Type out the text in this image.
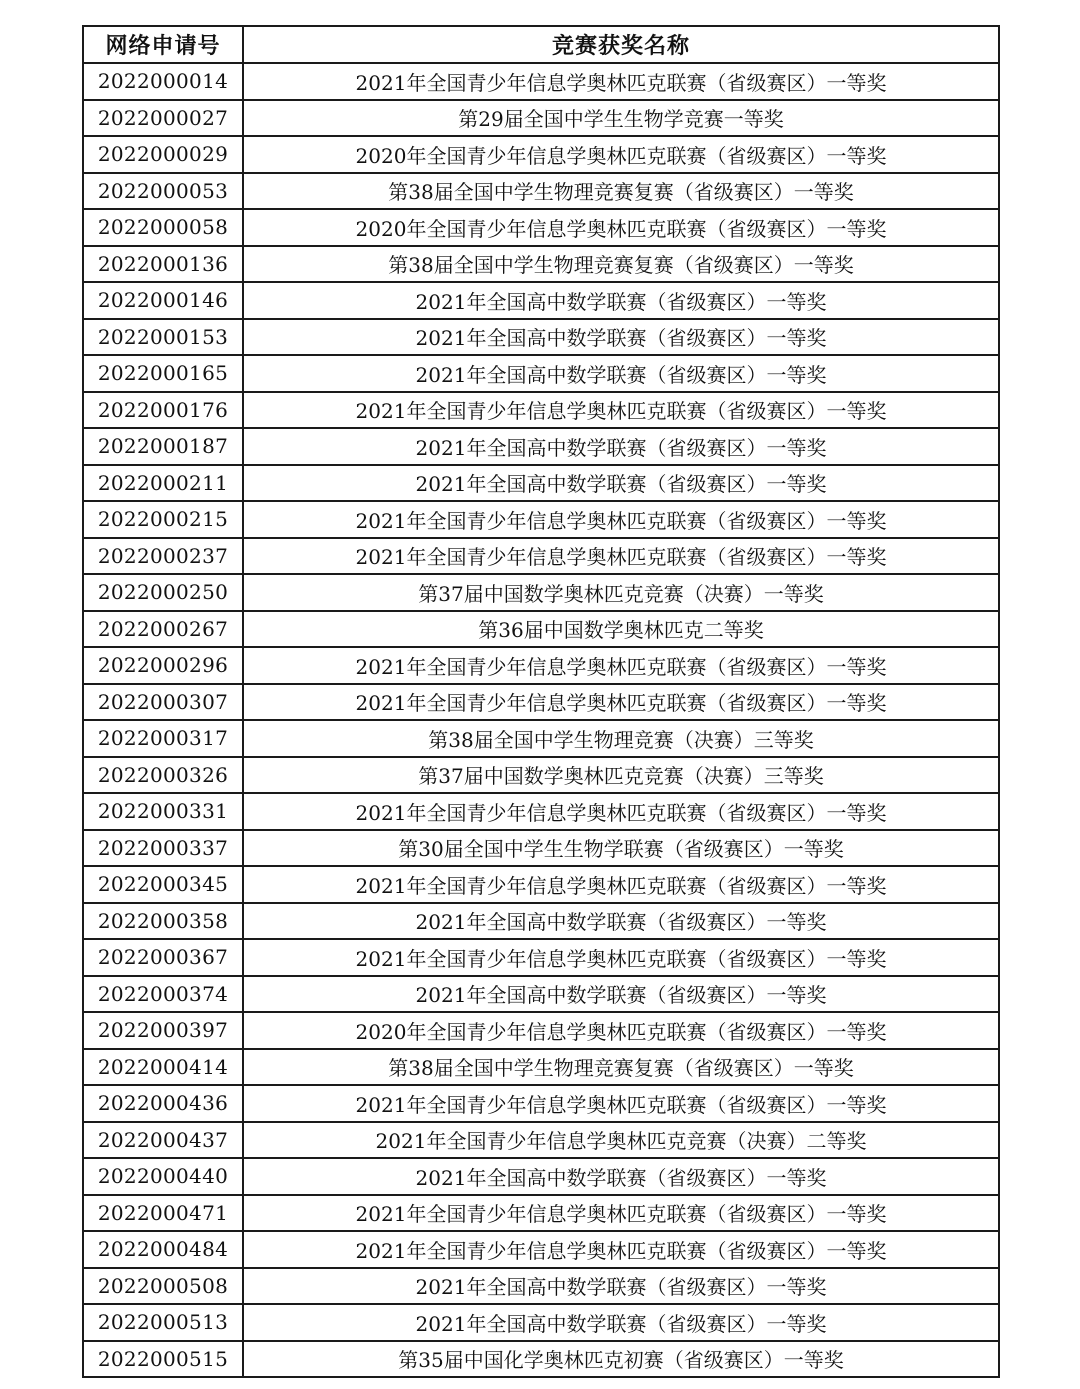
网络申请号	竞赛获奖名称
2022000014	2021年全国青少年信息学奥林匹克联赛（省级赛区）一等奖
2022000027	第29届全国中学生生物学竞赛一等奖
2022000029	2020年全国青少年信息学奥林匹克联赛（省级赛区）一等奖
2022000053	第38届全国中学生物理竞赛复赛（省级赛区）一等奖
2022000058	2020年全国青少年信息学奥林匹克联赛（省级赛区）一等奖
2022000136	第38届全国中学生物理竞赛复赛（省级赛区）一等奖
2022000146	2021年全国高中数学联赛（省级赛区）一等奖
2022000153	2021年全国高中数学联赛（省级赛区）一等奖
2022000165	2021年全国高中数学联赛（省级赛区）一等奖
2022000176	2021年全国青少年信息学奥林匹克联赛（省级赛区）一等奖
2022000187	2021年全国高中数学联赛（省级赛区）一等奖
2022000211	2021年全国高中数学联赛（省级赛区）一等奖
2022000215	2021年全国青少年信息学奥林匹克联赛（省级赛区）一等奖
2022000237	2021年全国青少年信息学奥林匹克联赛（省级赛区）一等奖
2022000250	第37届中国数学奥林匹克竞赛（决赛）一等奖
2022000267	第36届中国数学奥林匹克二等奖
2022000296	2021年全国青少年信息学奥林匹克联赛（省级赛区）一等奖
2022000307	2021年全国青少年信息学奥林匹克联赛（省级赛区）一等奖
2022000317	第38届全国中学生物理竞赛（决赛）三等奖
2022000326	第37届中国数学奥林匹克竞赛（决赛）三等奖
2022000331	2021年全国青少年信息学奥林匹克联赛（省级赛区）一等奖
2022000337	第30届全国中学生生物学联赛（省级赛区）一等奖
2022000345	2021年全国青少年信息学奥林匹克联赛（省级赛区）一等奖
2022000358	2021年全国高中数学联赛（省级赛区）一等奖
2022000367	2021年全国青少年信息学奥林匹克联赛（省级赛区）一等奖
2022000374	2021年全国高中数学联赛（省级赛区）一等奖
2022000397	2020年全国青少年信息学奥林匹克联赛（省级赛区）一等奖
2022000414	第38届全国中学生物理竞赛复赛（省级赛区）一等奖
2022000436	2021年全国青少年信息学奥林匹克联赛（省级赛区）一等奖
2022000437	2021年全国青少年信息学奥林匹克竞赛（决赛）二等奖
2022000440	2021年全国高中数学联赛（省级赛区）一等奖
2022000471	2021年全国青少年信息学奥林匹克联赛（省级赛区）一等奖
2022000484	2021年全国青少年信息学奥林匹克联赛（省级赛区）一等奖
2022000508	2021年全国高中数学联赛（省级赛区）一等奖
2022000513	2021年全国高中数学联赛（省级赛区）一等奖
2022000515	第35届中国化学奥林匹克初赛（省级赛区）一等奖
